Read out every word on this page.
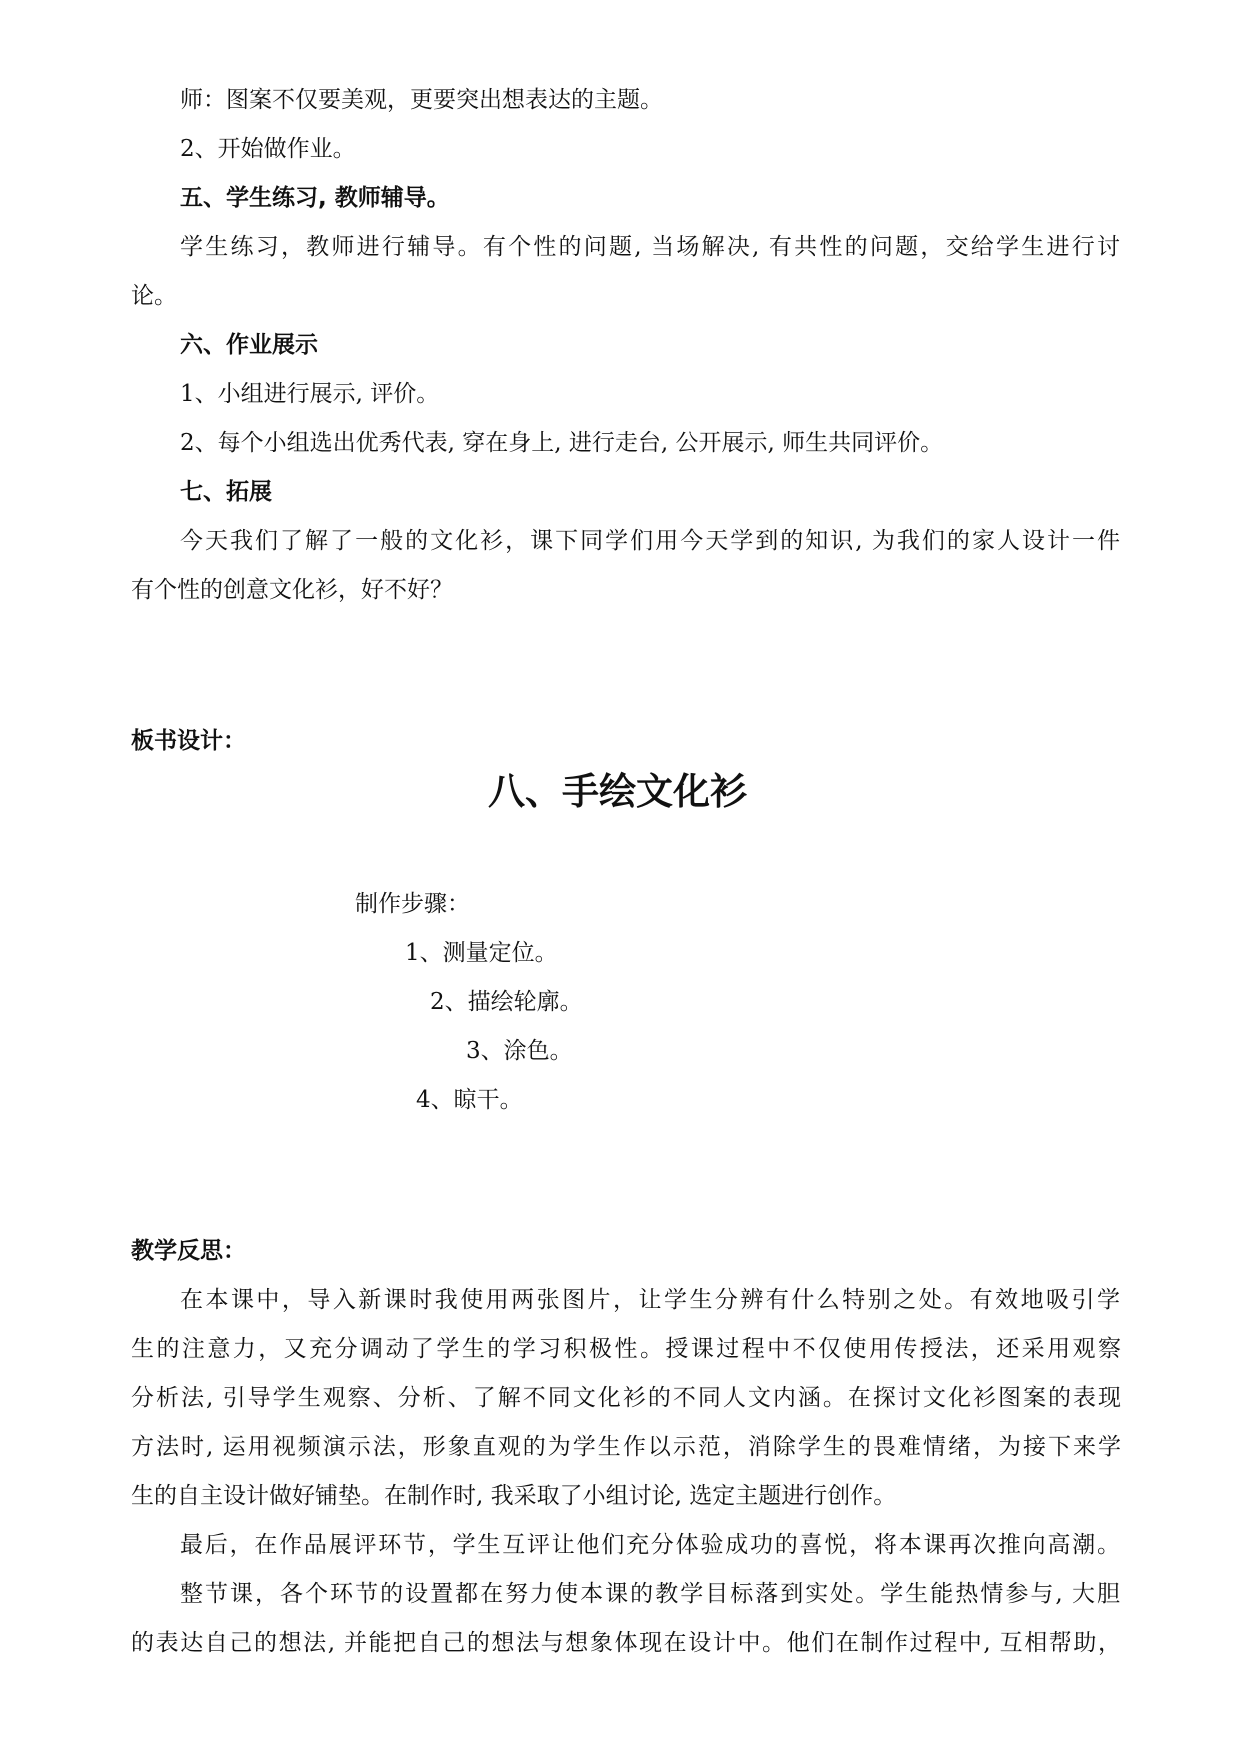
师：图案不仅要美观，更要突出想表达的主题。
2、开始做作业。
五、学生练习, 教师辅导。
学生练习，教师进行辅导。有个性的问题, 当场解决, 有共性的问题，交给学生进行讨
论。
六、作业展示
1、小组进行展示, 评价。
2、每个小组选出优秀代表, 穿在身上, 进行走台, 公开展示, 师生共同评价。
七、拓展
今天我们了解了一般的文化衫，课下同学们用今天学到的知识, 为我们的家人设计一件
有个性的创意文化衫，好不好？
板书设计：
八、手绘文化衫
制作步骤：
1、测量定位。
2、描绘轮廓。
3、涂色。
4、晾干。
教学反思：
在本课中，导入新课时我使用两张图片，让学生分辨有什么特别之处。有效地吸引学
生的注意力，又充分调动了学生的学习积极性。授课过程中不仅使用传授法，还采用观察
分析法, 引导学生观察、分析、了解不同文化衫的不同人文内涵。在探讨文化衫图案的表现
方法时, 运用视频演示法，形象直观的为学生作以示范，消除学生的畏难情绪，为接下来学
生的自主设计做好铺垫。在制作时, 我采取了小组讨论, 选定主题进行创作。
最后，在作品展评环节，学生互评让他们充分体验成功的喜悦，将本课再次推向高潮。
整节课，各个环节的设置都在努力使本课的教学目标落到实处。学生能热情参与, 大胆
的表达自己的想法, 并能把自己的想法与想象体现在设计中。他们在制作过程中, 互相帮助，
